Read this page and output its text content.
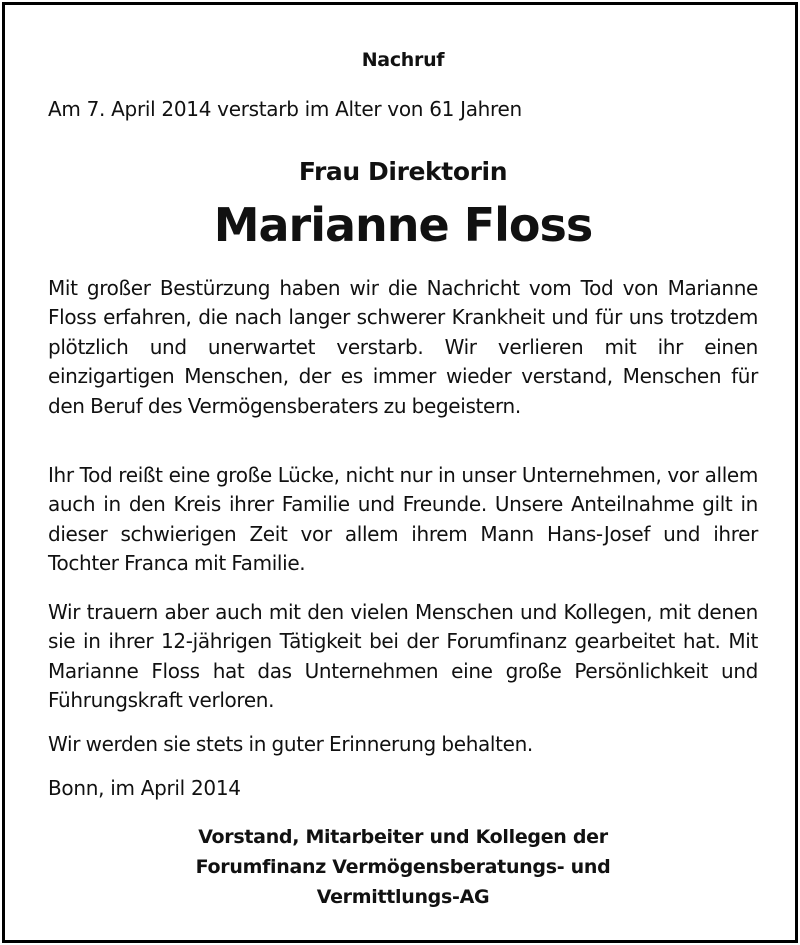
Nachruf
Am 7. April 2014 verstarb im Alter von 61 Jahren
Frau Direktorin
Marianne Floss

Mit großer Bestürzung haben wir die Nachricht vom Tod von Marianne Floss erfahren, die nach langer schwerer Krankheit und für uns trotzdem plötzlich und unerwartet verstarb. Wir verlieren mit ihr einen einzigartigen Menschen, der es immer wieder verstand, Menschen für den Beruf des Vermögensberaters zu begeistern.

Ihr Tod reißt eine große Lücke, nicht nur in unser Unternehmen, vor allem auch in den Kreis ihrer Familie und Freunde. Unsere Anteilnahme gilt in dieser schwierigen Zeit vor allem ihrem Mann Hans-Josef und ihrer Tochter Franca mit Familie.

Wir trauern aber auch mit den vielen Menschen und Kollegen, mit denen sie in ihrer 12-jährigen Tätigkeit bei der Forumfinanz gearbeitet hat. Mit Marianne Floss hat das Unternehmen eine große Persönlichkeit und Führungskraft verloren.

Wir werden sie stets in guter Erinnerung behalten.

Bonn, im April 2014
Vorstand, Mitarbeiter und Kollegen der
Forumfinanz Vermögensberatungs- und
Vermittlungs-AG
